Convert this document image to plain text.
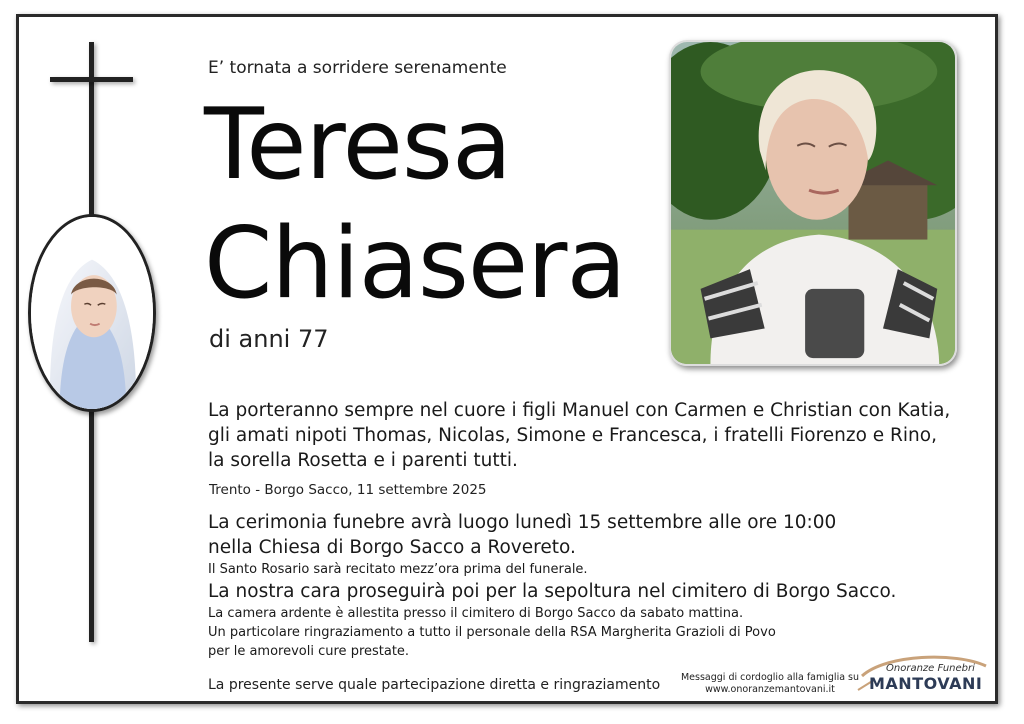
E’ tornata a sorridere serenamente
Teresa
Chiasera
di anni 77
La porteranno sempre nel cuore i figli Manuel con Carmen e Christian con Katia,
gli amati nipoti Thomas, Nicolas, Simone e Francesca, i fratelli Fiorenzo e Rino,
la sorella Rosetta e i parenti tutti.
Trento - Borgo Sacco, 11 settembre 2025
La cerimonia funebre avrà luogo lunedì 15 settembre alle ore 10:00
nella Chiesa di Borgo Sacco a Rovereto.
Il Santo Rosario sarà recitato mezz’ora prima del funerale.
La nostra cara proseguirà poi per la sepoltura nel cimitero di Borgo Sacco.
La camera ardente è allestita presso il cimitero di Borgo Sacco da sabato mattina.
Un particolare ringraziamento a tutto il personale della RSA Margherita Grazioli di Povo
per le amorevoli cure prestate.
La presente serve quale partecipazione diretta e ringraziamento Messaggi di cordoglio alla famiglia su
www.onoranzemantovani.it
Onoranze Funebri
MANTOVANI
